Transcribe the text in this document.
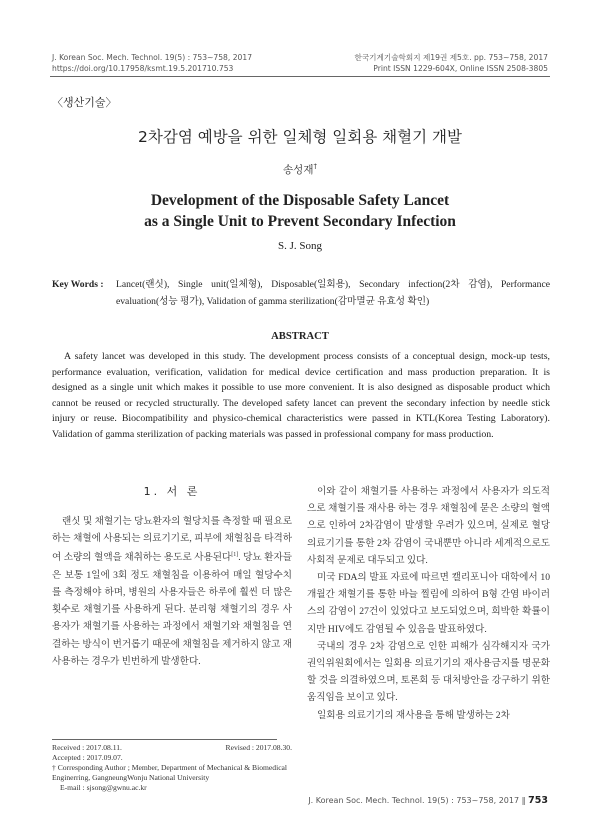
J. Korean Soc. Mech. Technol. 19(5) : 753~758, 2017
https://doi.org/10.17958/ksmt.19.5.201710.753
한국기계기술학회지 제19권 제5호. pp. 753~758, 2017
Print ISSN 1229-604X, Online ISSN 2508-3805
〈생산기술〉
2차감염 예방을 위한 일체형 일회용 채혈기 개발
송성재†
Development of the Disposable Safety Lancet
as a Single Unit to Prevent Secondary Infection
S. J. Song
Key Words : Lancet(랜싯), Single unit(일체형), Disposable(일회용), Secondary infection(2차 감염), Performance evaluation(성능 평가), Validation of gamma sterilization(감마멸균 유효성 확인)
ABSTRACT
A safety lancet was developed in this study. The development process consists of a conceptual design, mock-up tests, performance evaluation, verification, validation for medical device certification and mass production preparation. It is designed as a single unit which makes it possible to use more convenient. It is also designed as disposable product which cannot be reused or recycled structurally. The developed safety lancet can prevent the secondary infection by needle stick injury or reuse. Biocompatibility and physico-chemical characteristics were passed in KTL(Korea Testing Laboratory). Validation of gamma sterilization of packing materials was passed in professional company for mass production.
1. 서 론

랜싯 및 채혈기는 당뇨환자의 혈당치를 측정할 때 필요로 하는 채혈에 사용되는 의료기기로, 피부에 채혈침을 타격하여 소량의 혈액을 채취하는 용도로 사용된다[1]. 당뇨 환자들은 보통 1일에 3회 정도 채혈침을 이용하여 매일 혈당수치를 측정해야 하며, 병원의 사용자들은 하루에 훨씬 더 많은 횟수로 채혈기를 사용하게 된다. 분리형 채혈기의 경우 사용자가 채혈기를 사용하는 과정에서 채혈기와 채혈침을 연결하는 방식이 번거롭기 때문에 채혈침을 제거하지 않고 재사용하는 경우가 빈번하게 발생한다.

이와 같이 채혈기를 사용하는 과정에서 사용자가 의도적으로 채혈기를 재사용 하는 경우 채혈침에 묻은 소량의 혈액으로 인하여 2차감염이 발생할 우려가 있으며, 실제로 혈당의료기기를 통한 2차 감염이 국내뿐만 아니라 세계적으로도 사회적 문제로 대두되고 있다.

미국 FDA의 발표 자료에 따르면 캘리포니아 대학에서 10개월간 채혈기를 통한 바늘 찔림에 의하여 B형 간염 바이러스의 감염이 27건이 있었다고 보도되었으며, 희박한 확률이지만 HIV에도 감염될 수 있음을 발표하였다.

국내의 경우 2차 감염으로 인한 피해가 심각해지자 국가권익위원회에서는 일회용 의료기기의 재사용금지를 명문화할 것을 의결하였으며, 토론회 등 대처방안을 강구하기 위한 움직임을 보이고 있다.

일회용 의료기기의 재사용을 통해 발생하는 2차

Received : 2017.08.11.	Revised : 2017.08.30.
Accepted : 2017.09.07.
† Corresponding Author ; Member, Department of Mechanical & Biomedical Enginerring, GangneungWonju National University
E-mail : sjsong@gwnu.ac.kr
J. Korean Soc. Mech. Technol. 19(5) : 753~758, 2017 ‖ 753
